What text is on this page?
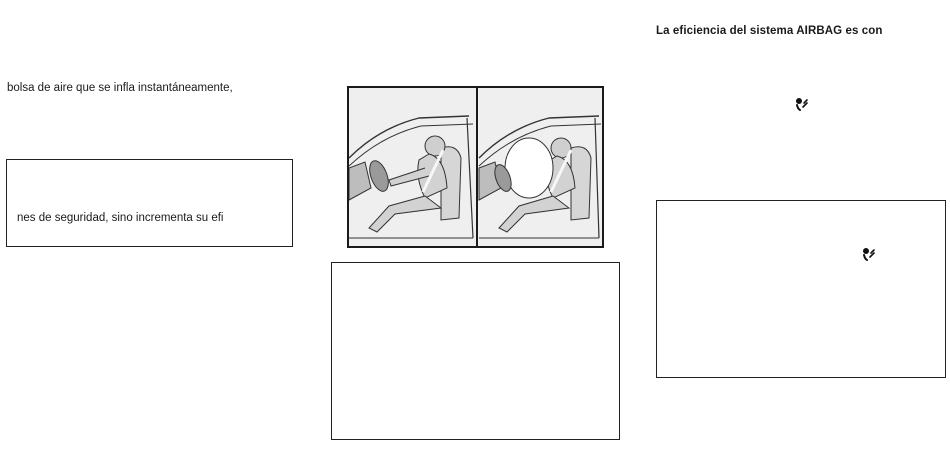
La eficiencia del sistema AIRBAG es con
bolsa de aire que se infla instantáneamente,
nes de seguridad, sino incrementa su efi
